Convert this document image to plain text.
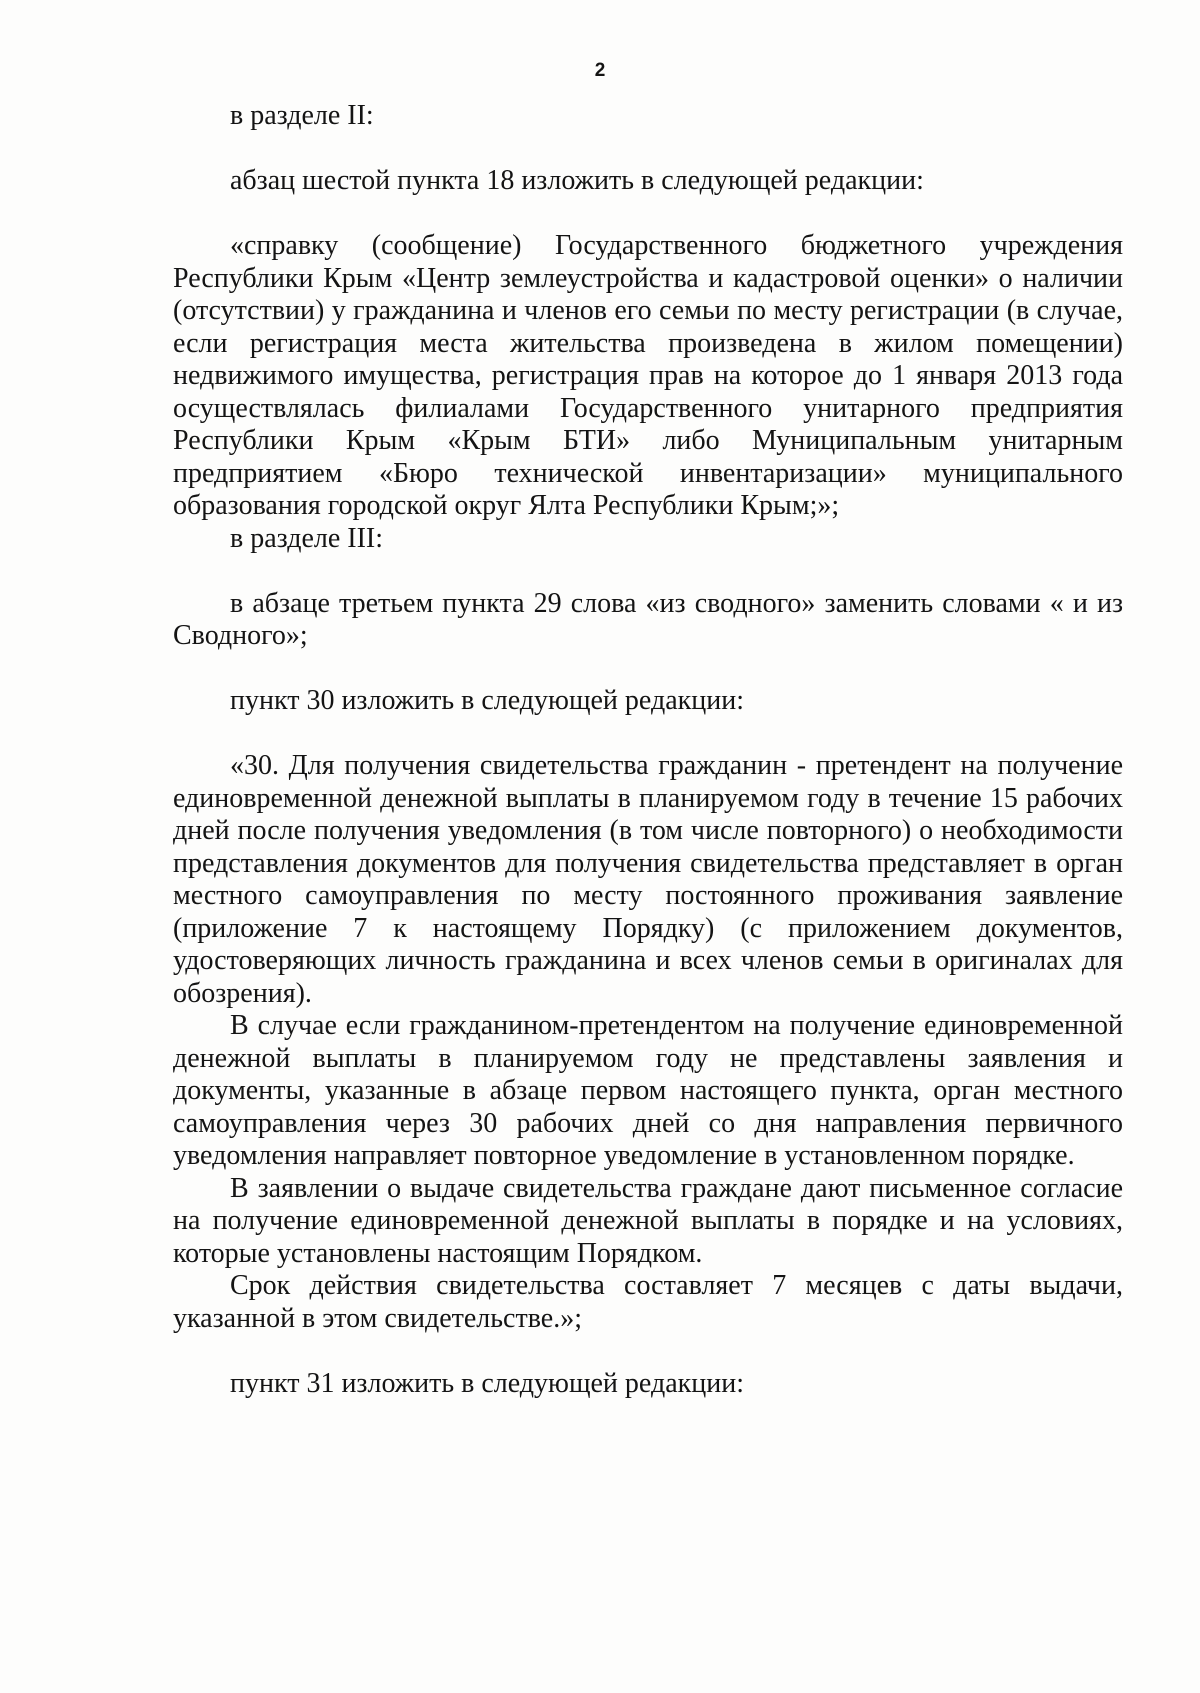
2

в разделе II:

абзац шестой пункта 18 изложить в следующей редакции:

«справку (сообщение) Государственного бюджетного учреждения Республики Крым «Центр землеустройства и кадастровой оценки» о наличии (отсутствии) у гражданина и членов его семьи по месту регистрации (в случае, если регистрация места жительства произведена в жилом помещении) недвижимого имущества, регистрация прав на которое до 1 января 2013 года осуществлялась филиалами Государственного унитарного предприятия Республики Крым «Крым БТИ» либо Муниципальным унитарным предприятием «Бюро технической инвентаризации» муниципального образования городской округ Ялта Республики Крым;»;

в разделе III:

в абзаце третьем пункта 29 слова «из сводного» заменить словами « и из Сводного»;

пункт 30 изложить в следующей редакции:

«30. Для получения свидетельства гражданин - претендент на получение единовременной денежной выплаты в планируемом году в течение 15 рабочих дней после получения уведомления (в том числе повторного) о необходимости представления документов для получения свидетельства представляет в орган местного самоуправления по месту постоянного проживания заявление (приложение 7 к настоящему Порядку) (с приложением документов, удостоверяющих личность гражданина и всех членов семьи в оригиналах для обозрения).

В случае если гражданином-претендентом на получение единовременной денежной выплаты в планируемом году не представлены заявления и документы, указанные в абзаце первом настоящего пункта, орган местного самоуправления через 30 рабочих дней со дня направления первичного уведомления направляет повторное уведомление в установленном порядке.

В заявлении о выдаче свидетельства граждане дают письменное согласие на получение единовременной денежной выплаты в порядке и на условиях, которые установлены настоящим Порядком.

Срок действия свидетельства составляет 7 месяцев с даты выдачи, указанной в этом свидетельстве.»;

пункт 31 изложить в следующей редакции:
